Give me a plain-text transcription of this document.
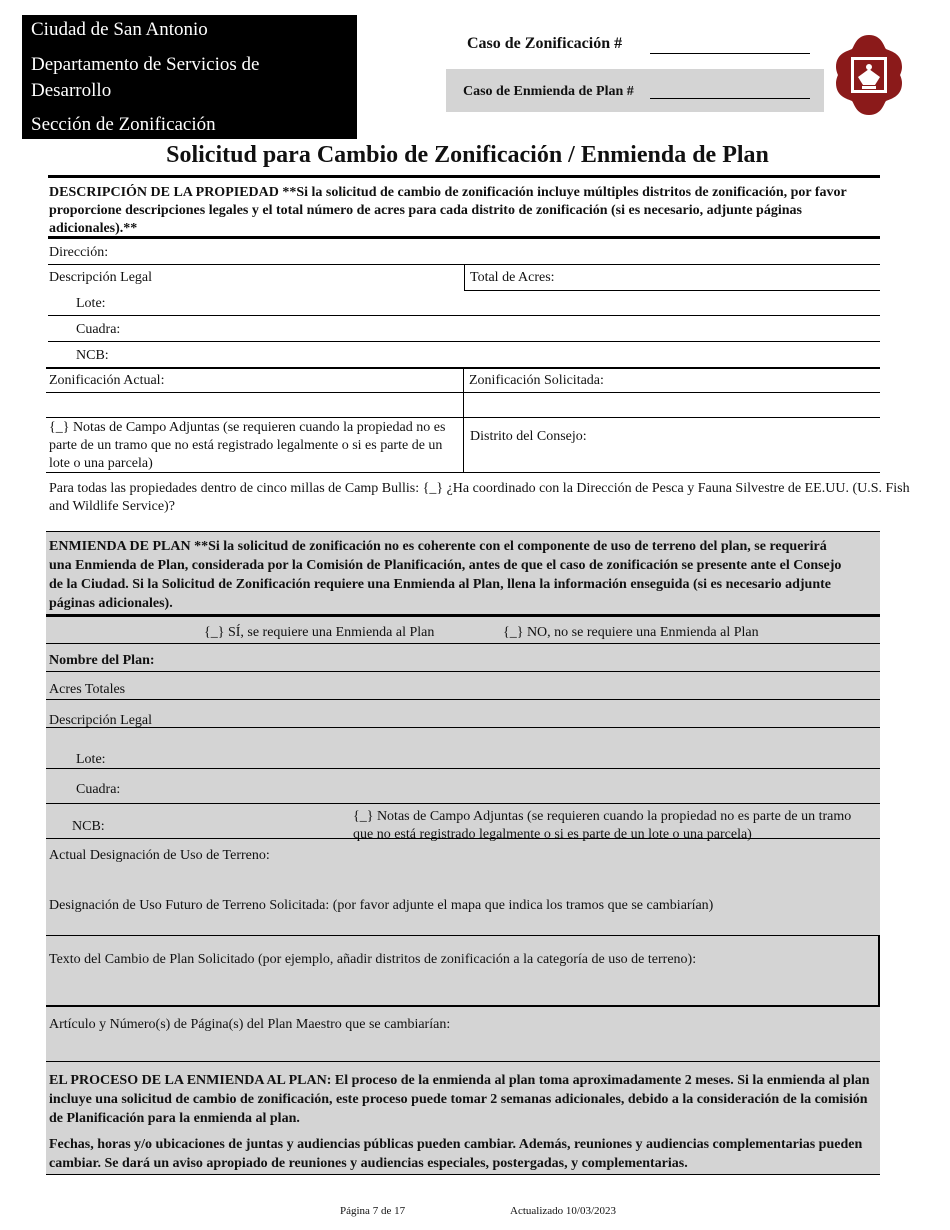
Ciudad de San Antonio
Departamento de Servicios de
Desarrollo
Sección de Zonificación
Caso de Zonificación #
Caso de Enmienda de Plan #
Solicitud para Cambio de Zonificación / Enmienda de Plan
DESCRIPCIÓN DE LA PROPIEDAD **Si la solicitud de cambio de zonificación incluye múltiples distritos de zonificación, por favor proporcione descripciones legales y el total número de acres para cada distrito de zonificación (si es necesario, adjunte páginas adicionales).**
Dirección:
Descripción Legal	Total de Acres:
Lote:
Cuadra:
NCB:
Zonificación Actual:	Zonificación Solicitada:
{_} Notas de Campo Adjuntas (se requieren cuando la propiedad no es parte de un tramo que no está registrado legalmente o si es parte de un lote o una parcela)
Distrito del Consejo:
Para todas las propiedades dentro de cinco millas de Camp Bullis: {_} ¿Ha coordinado con la Dirección de Pesca y Fauna Silvestre de EE.UU. (U.S. Fish and Wildlife Service)?
ENMIENDA DE PLAN **Si la solicitud de zonificación no es coherente con el componente de uso de terreno del plan, se requerirá una Enmienda de Plan, considerada por la Comisión de Planificación, antes de que el caso de zonificación se presente ante el Consejo de la Ciudad. Si la Solicitud de Zonificación requiere una Enmienda al Plan, llena la información enseguida (si es necesario adjunte páginas adicionales).
{_} SÍ, se requiere una Enmienda al Plan	{_} NO, no se requiere una Enmienda al Plan
Nombre del Plan:
Acres Totales
Descripción Legal
Lote:
Cuadra:
NCB:
{_} Notas de Campo Adjuntas (se requieren cuando la propiedad no es parte de un tramo que no está registrado legalmente o si es parte de un lote o una parcela)
Actual Designación de Uso de Terreno:
Designación de Uso Futuro de Terreno Solicitada: (por favor adjunte el mapa que indica los tramos que se cambiarían)
Texto del Cambio de Plan Solicitado (por ejemplo, añadir distritos de zonificación a la categoría de uso de terreno):
Artículo y Número(s) de Página(s) del Plan Maestro que se cambiarían:
EL PROCESO DE LA ENMIENDA AL PLAN: El proceso de la enmienda al plan toma aproximadamente 2 meses. Si la enmienda al plan incluye una solicitud de cambio de zonificación, este proceso puede tomar 2 semanas adicionales, debido a la consideración de la comisión de Planificación para la enmienda al plan.
Fechas, horas y/o ubicaciones de juntas y audiencias públicas pueden cambiar. Además, reuniones y audiencias complementarias pueden cambiar. Se dará un aviso apropiado de reuniones y audiencias especiales, postergadas, y complementarias.
Página 7 de 17	Actualizado 10/03/2023
